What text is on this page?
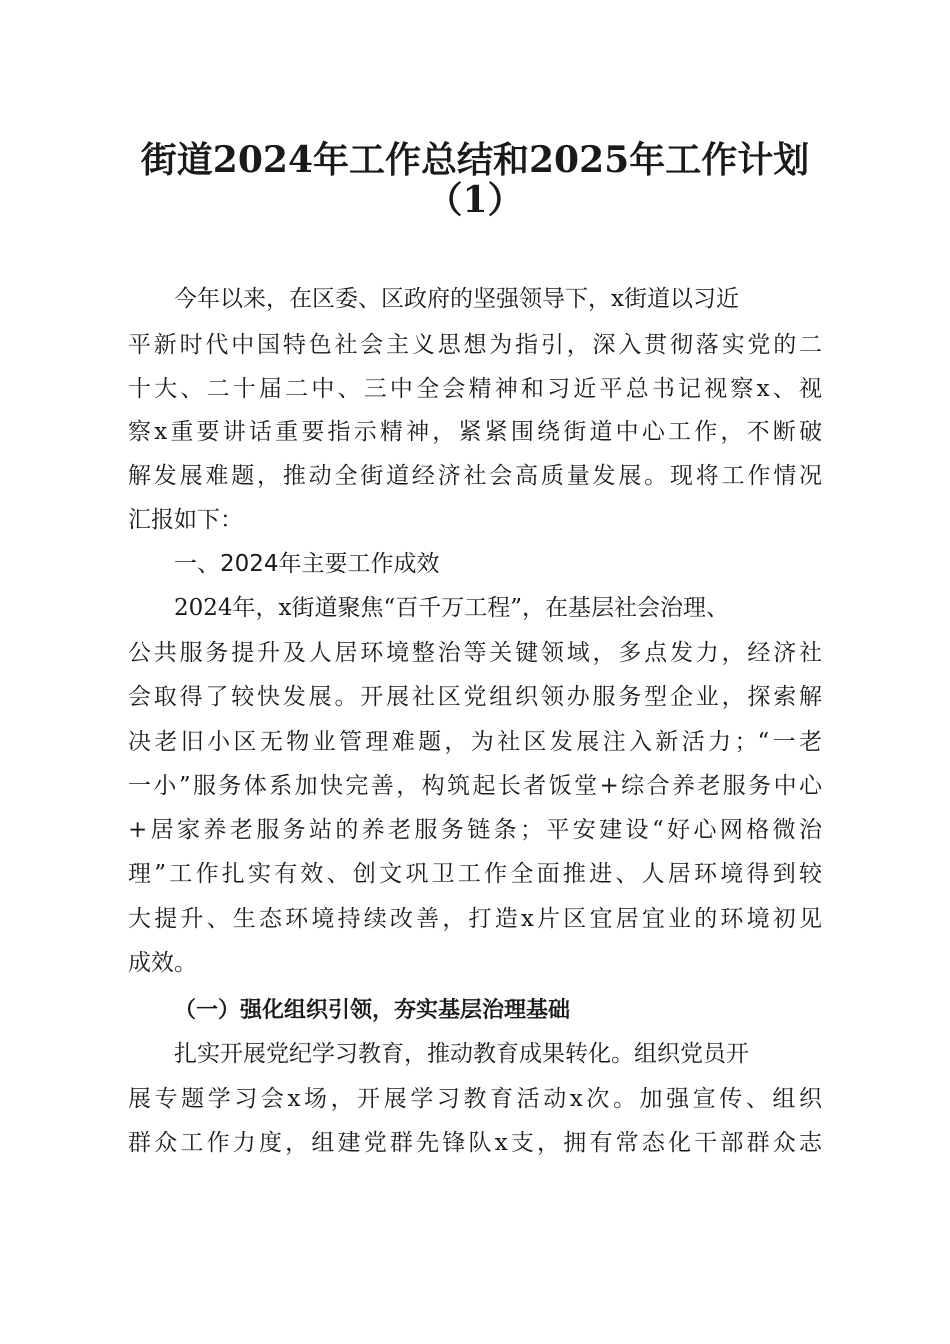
街道2024年工作总结和2025年工作计划
（1）
今年以来，在区委、区政府的坚强领导下，x街道以习近
平新时代中国特色社会主义思想为指引，深入贯彻落实党的二
十大、二十届二中、三中全会精神和习近平总书记视察x、视
察x重要讲话重要指示精神，紧紧围绕街道中心工作，不断破
解发展难题，推动全街道经济社会高质量发展。现将工作情况
汇报如下：
一、2024年主要工作成效
2024年，x街道聚焦“百千万工程”，在基层社会治理、
公共服务提升及人居环境整治等关键领域，多点发力，经济社
会取得了较快发展。开展社区党组织领办服务型企业，探索解
决老旧小区无物业管理难题，为社区发展注入新活力；“一老
一小”服务体系加快完善，构筑起长者饭堂+综合养老服务中心
+居家养老服务站的养老服务链条；平安建设“好心网格微治
理”工作扎实有效、创文巩卫工作全面推进、人居环境得到较
大提升、生态环境持续改善，打造x片区宜居宜业的环境初见
成效。
（一）强化组织引领，夯实基层治理基础
扎实开展党纪学习教育，推动教育成果转化。组织党员开
展专题学习会x场，开展学习教育活动x次。加强宣传、组织
群众工作力度，组建党群先锋队x支，拥有常态化干部群众志
